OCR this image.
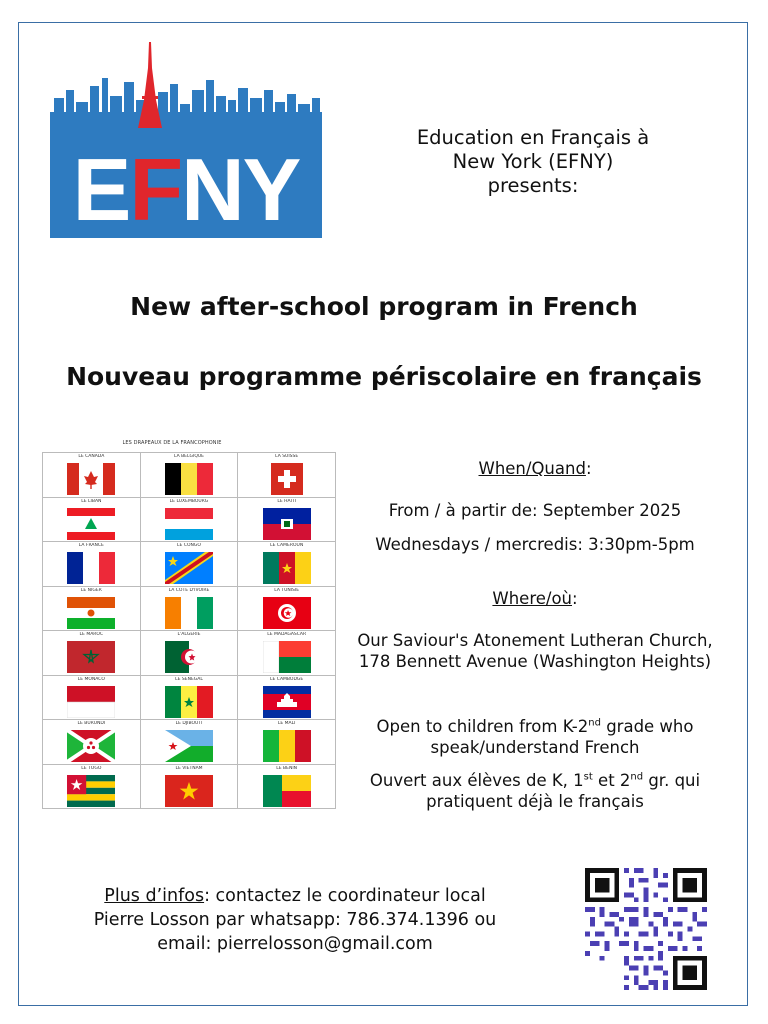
EFNY
Education en Français à
New York (EFNY)
presents:
New after-school program in French
Nouveau programme périscolaire en français
LES DRAPEAUX DE LA FRANCOPHONIE
LE CANADA	LA BELGIQUE	LA SUISSE
LE LIBAN	LE LUXEMBOURG	LE HAÏTI
LA FRANCE	LE CONGO	LE CAMEROUN
LE NIGER	LA CÔTE D'IVOIRE	LA TUNISIE
LE MAROC	L'ALGÉRIE	LE MADAGASCAR
LE MONACO	LE SÉNÉGAL	LE CAMBODGE
LE BURUNDI	LE DJIBOUTI	LE MALI
LE TOGO	LE VIETNAM	LE BÉNIN
When/Quand:
From / à partir de: September 2025
Wednesdays / mercredis: 3:30pm-5pm
Where/où:
Our Saviour's Atonement Lutheran Church,
178 Bennett Avenue (Washington Heights)
Open to children from K-2nd grade who
speak/understand French
Ouvert aux élèves de K, 1st et 2nd gr. qui
pratiquent déjà le français
Plus d’infos: contactez le coordinateur local
Pierre Losson par whatsapp: 786.374.1396 ou
email: pierrelosson@gmail.com
